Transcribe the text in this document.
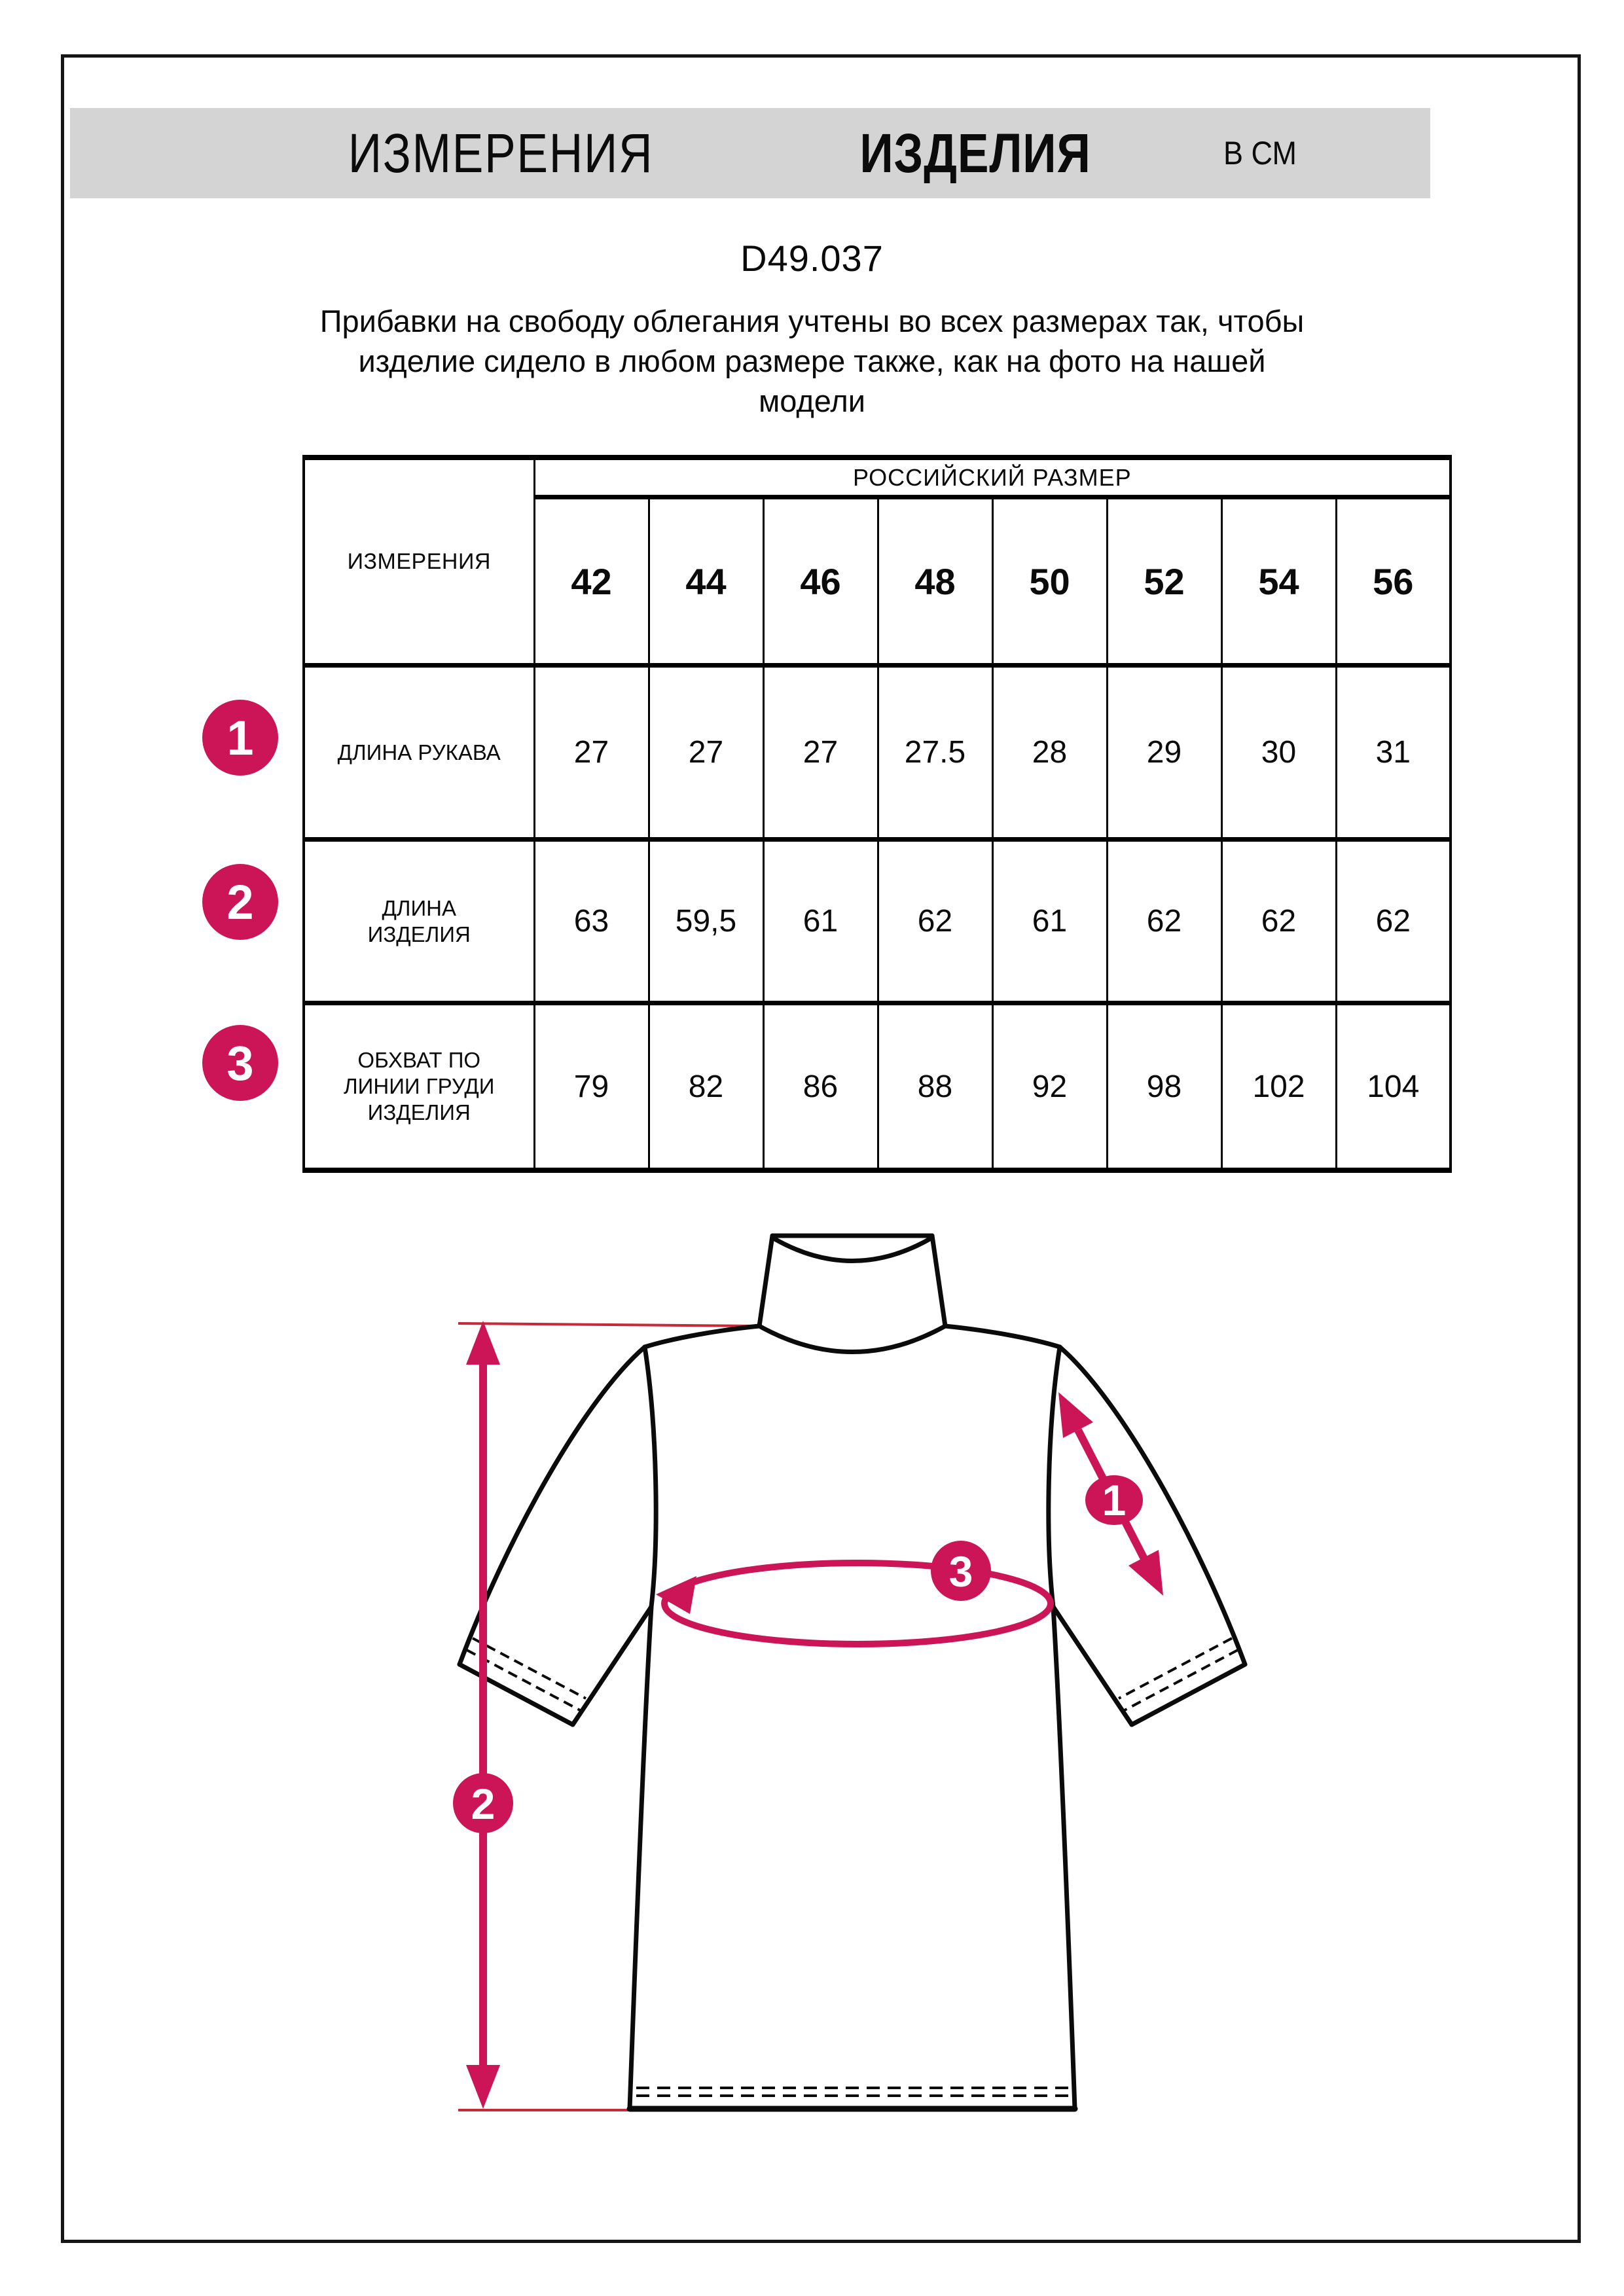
ИЗМЕРЕНИЯ	ИЗДЕЛИЯ	В СМ
D49.037
Прибавки на свободу облегания учтены во всех размерах так, чтобы
изделие сидело в любом размере также, как на фото на нашей
модели
ИЗМЕРЕНИЯ	РОССИЙСКИЙ РАЗМЕР							
	42	44	46	48	50	52	54	56

ДЛИНА РУКАВА	27	27	27	27.5	28	29	30	31

ДЛИНА
ИЗДЕЛИЯ	63	59,5	61	62	61	62	62	62

ОБХВАТ ПО
ЛИНИИ ГРУДИ
ИЗДЕЛИЯ	79	82	86	88	92	98	102	104
1
2
3
1
2
3
